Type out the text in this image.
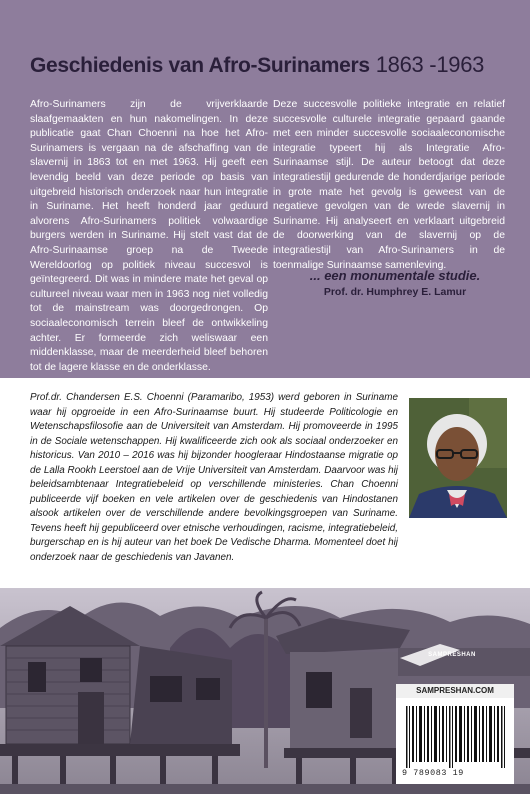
Geschiedenis van Afro-Surinamers 1863 -1963
Afro-Surinamers zijn de vrijverklaarde slaafgemaakten en hun nakomelingen. In deze publicatie gaat Chan Choenni na hoe het Afro-Surinamers is vergaan na de afschaffing van de slavernij in 1863 tot en met 1963. Hij geeft een levendig beeld van deze periode op basis van uitgebreid historisch onderzoek naar hun integratie in Suriname. Het heeft honderd jaar geduurd alvorens Afro-Surinamers politiek volwaardige burgers werden in Suriname. Hij stelt vast dat de Afro-Surinaamse groep na de Tweede Wereldoorlog op politiek niveau succesvol is geïntegreerd. Dit was in mindere mate het geval op cultureel niveau waar men in 1963 nog niet volledig tot de mainstream was doorgedrongen. Op sociaaleconomisch terrein bleef de ontwikkeling achter. Er formeerde zich weliswaar een middenklasse, maar de meerderheid bleef behoren tot de lagere klasse en de onderklasse.
Deze succesvolle politieke integratie en relatief succesvolle culturele integratie gepaard gaande met een minder succesvolle sociaaleconomische integratie typeert hij als Integratie Afro-Surinaamse stijl. De auteur betoogt dat deze integratiestijl gedurende de honderdjarige periode in grote mate het gevolg is geweest van de negatieve gevolgen van de wrede slavernij in Suriname. Hij analyseert en verklaart uitgebreid de doorwerking van de slavernij op de integratiestijl van Afro-Surinamers in de toenmalige Surinaamse samenleving.
... een monumentale studie.
Prof. dr. Humphrey E. Lamur
Prof.dr. Chandersen E.S. Choenni (Paramaribo, 1953) werd geboren in Suriname waar hij opgroeide in een Afro-Surinaamse buurt. Hij studeerde Politicologie en Wetenschapsfilosofie aan de Universiteit van Amsterdam. Hij promoveerde in 1995 in de Sociale wetenschappen. Hij kwalificeerde zich ook als sociaal onderzoeker en historicus. Van 2010 – 2016 was hij bijzonder hoogleraar Hindostaanse migratie op de Lalla Rookh Leerstoel aan de Vrije Universiteit van Amsterdam. Daarvoor was hij beleidsambtenaar Integratiebeleid op verschillende ministeries. Chan Choenni publiceerde vijf boeken en vele artikelen over de geschiedenis van Hindostanen alsook artikelen over de verschillende andere bevolkingsgroepen van Suriname. Tevens heeft hij gepubliceerd over etnische verhoudingen, racisme, integratiebeleid, burgerschap en is hij auteur van het boek De Vedische Dharma. Momenteel doet hij onderzoek naar de geschiedenis van Javanen.
SAMPRESHAN
SAMPRESHAN.COM
9 789083 19
